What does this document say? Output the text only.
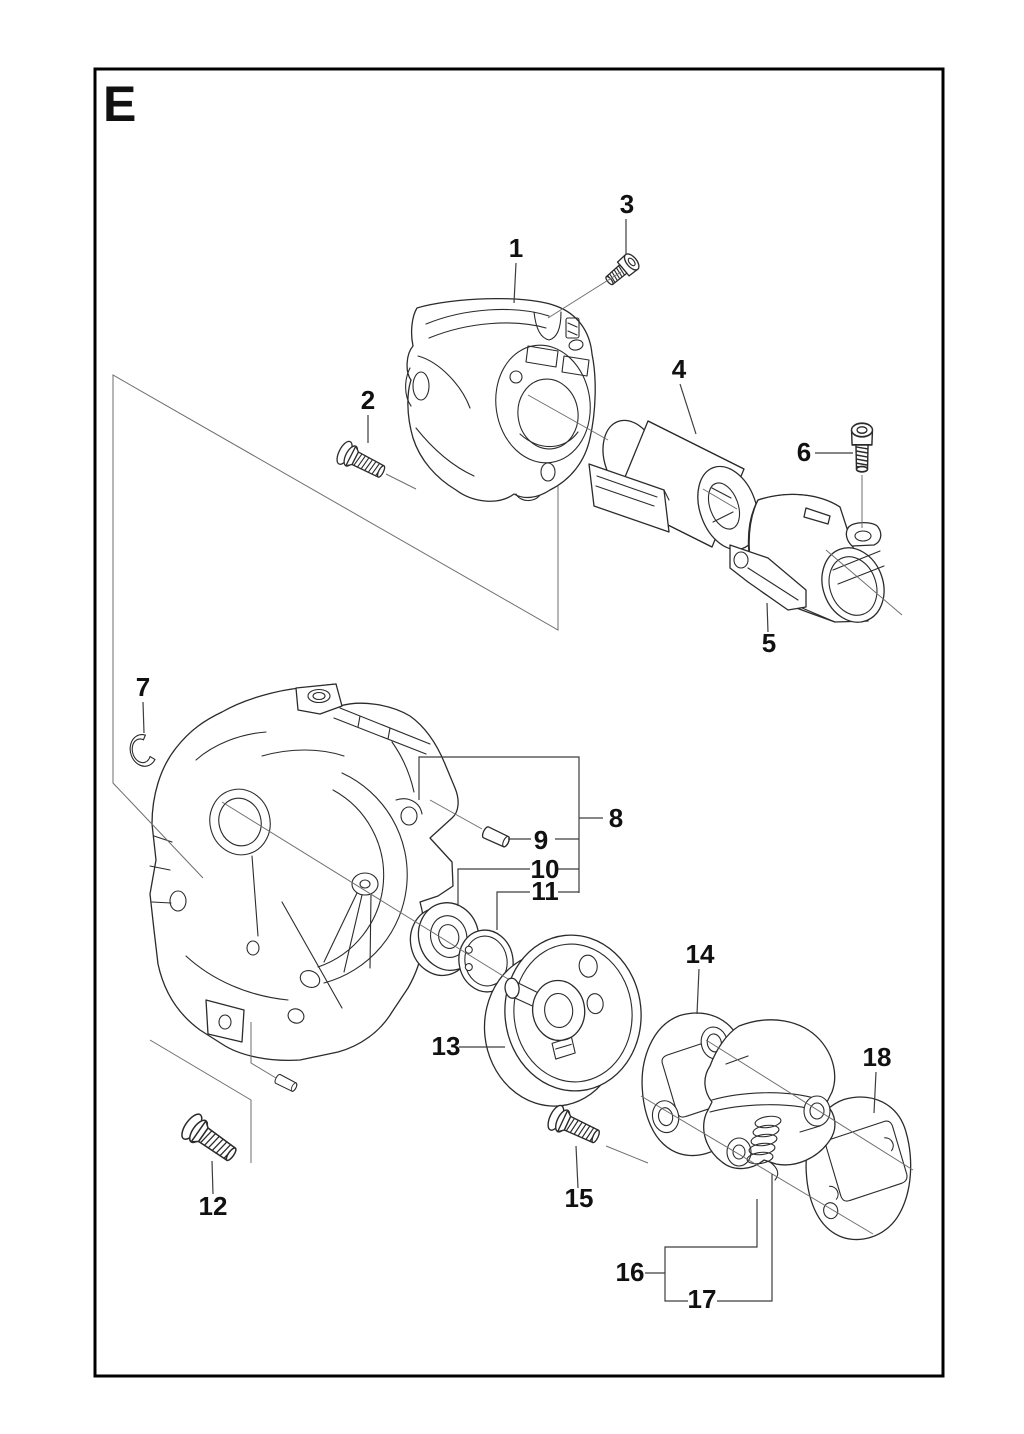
E
1
2
3
4
5
6
7
8
9
10
11
12
13
14
15
16
17
18
